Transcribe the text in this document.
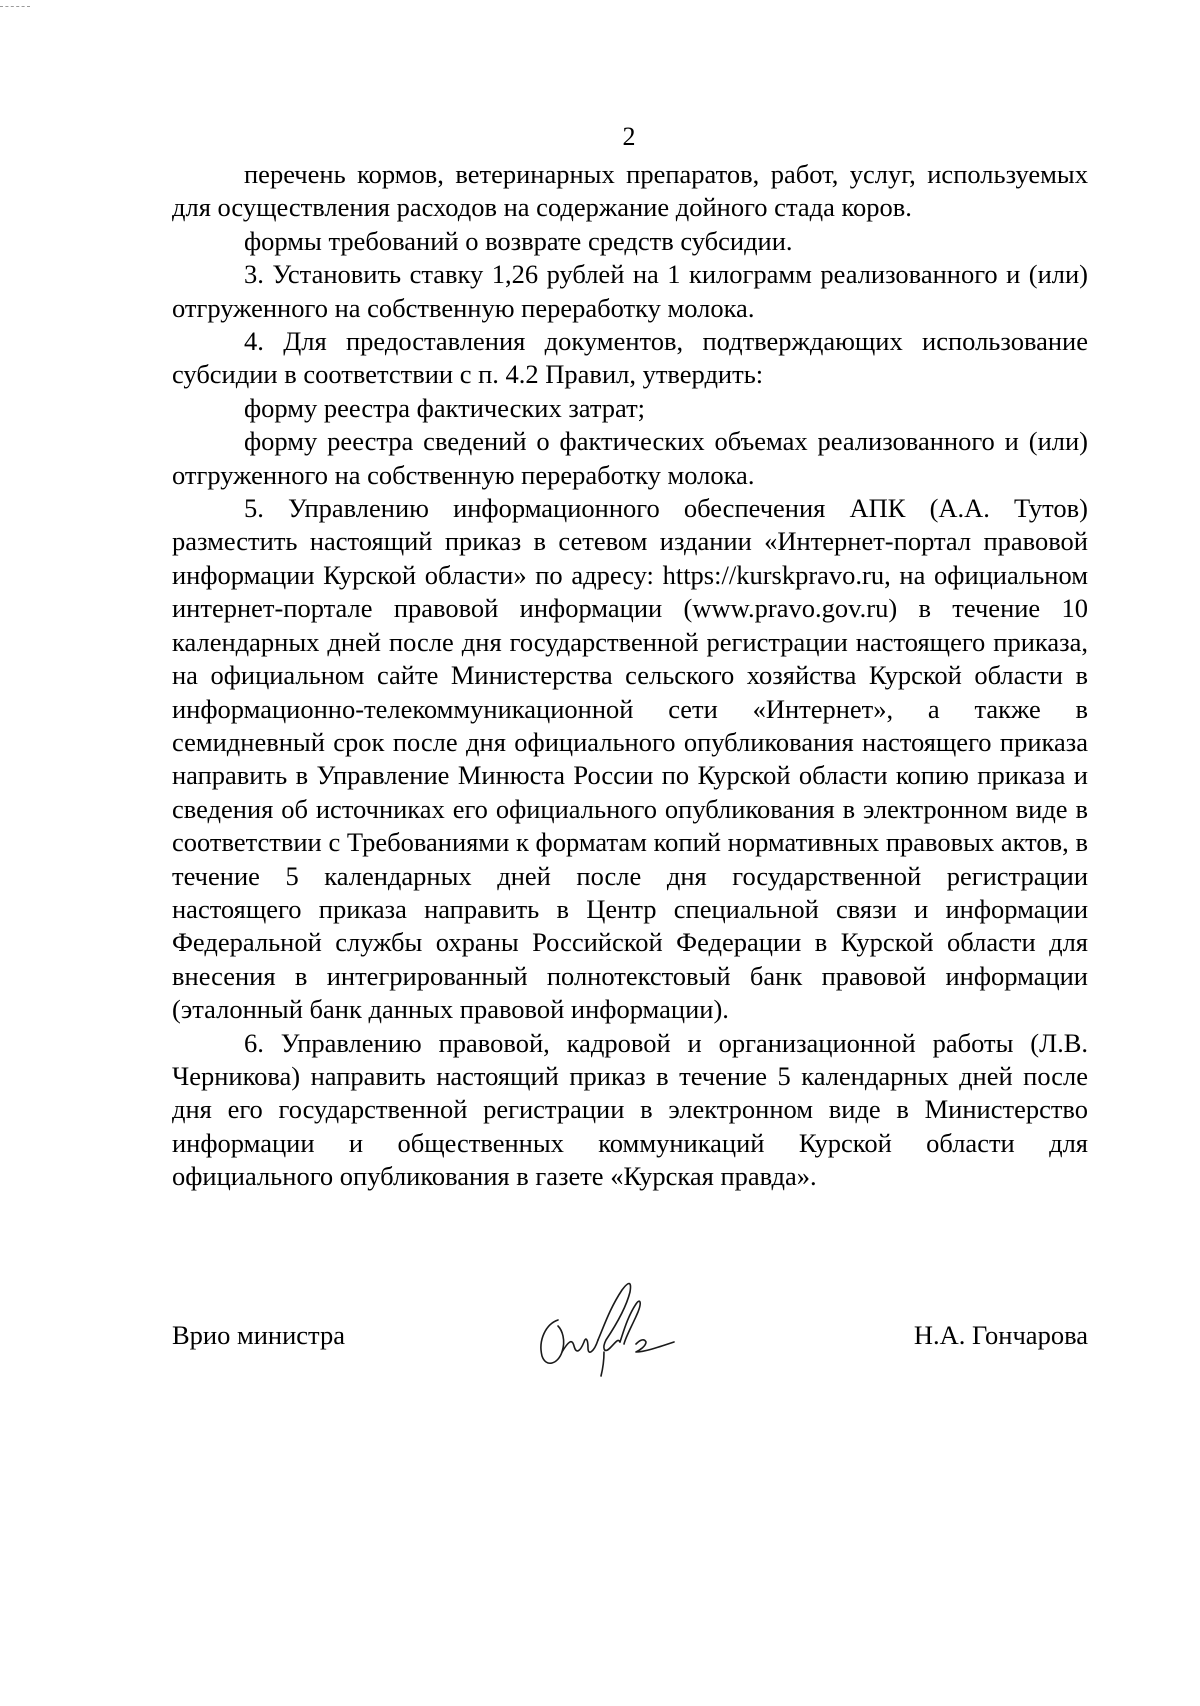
2

перечень кормов, ветеринарных препаратов, работ, услуг, используемых для осуществления расходов на содержание дойного стада коров.

формы требований о возврате средств субсидии.

3. Установить ставку 1,26 рублей на 1 килограмм реализованного и (или) отгруженного на собственную переработку молока.

4. Для предоставления документов, подтверждающих использование субсидии в соответствии с п. 4.2 Правил, утвердить:

форму реестра фактических затрат;

форму реестра сведений о фактических объемах реализованного и (или) отгруженного на собственную переработку молока.

5. Управлению информационного обеспечения АПК (А.А. Тутов) разместить настоящий приказ в сетевом издании «Интернет-портал правовой информации Курской области» по адресу: https://kurskpravo.ru, на официальном интернет-портале правовой информации (www.pravo.gov.ru) в течение 10 календарных дней после дня государственной регистрации настоящего приказа, на официальном сайте Министерства сельского хозяйства Курской области в информационно-телекоммуникационной сети «Интернет», а также в семидневный срок после дня официального опубликования настоящего приказа направить в Управление Минюста России по Курской области копию приказа и сведения об источниках его официального опубликования в электронном виде в соответствии с Требованиями к форматам копий нормативных правовых актов, в течение 5 календарных дней после дня государственной регистрации настоящего приказа направить в Центр специальной связи и информации Федеральной службы охраны Российской Федерации в Курской области для внесения в интегрированный полнотекстовый банк правовой информации (эталонный банк данных правовой информации).

6. Управлению правовой, кадровой и организационной работы (Л.В. Черникова) направить настоящий приказ в течение 5 календарных дней после дня его государственной регистрации в электронном виде в Министерство информации и общественных коммуникаций Курской области для официального опубликования в газете «Курская правда».

Врио министра	Н.А. Гончарова
